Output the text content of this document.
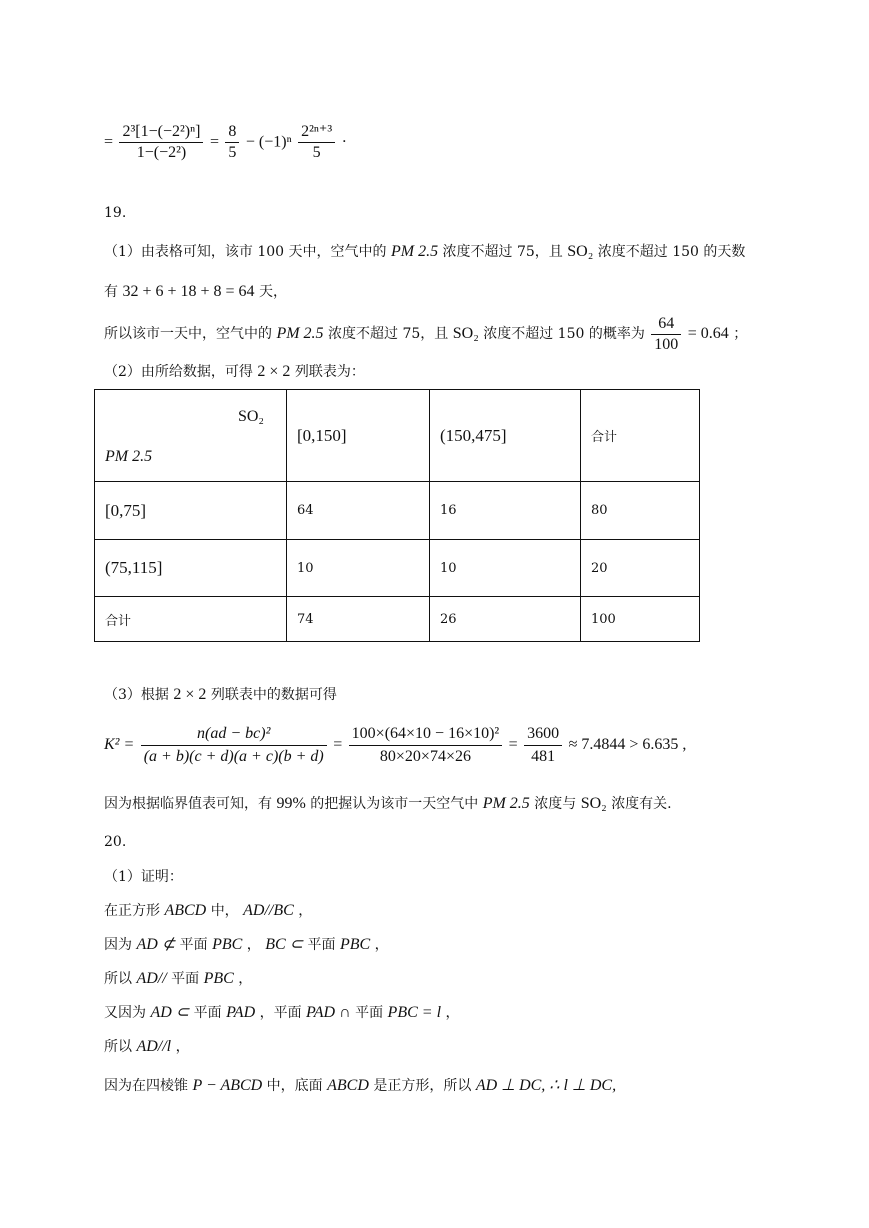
= $\frac{\text{2³[1−(−2²)ⁿ]}}{\text{1−(−2²)}} = \frac{8}{5} - (-1)^n \frac{\text{2²ⁿ⁺³}}{5}$ ·
19.
（1）由表格可知，该市 100 天中，空气中的 PM 2.5 浓度不超过 75，且 SO₂ 浓度不超过 150 的天数
有 32 + 6 + 18 + 8 = 64 天，
所以该市一天中，空气中的 PM 2.5 浓度不超过 75，且 SO₂ 浓度不超过 150 的概率为 $\frac{64}{100} = 0.64$ ；
（2）由所给数据，可得 2 × 2 列联表为：
SO₂
PM 2.5	[0,150]	(150,475]	合计
[0,75]	64	16	80
(75,115]	10	10	20
合计	74	26	100
（3）根据 2 × 2 列联表中的数据可得
$K^2 = \frac{\text{n(ad − bc)²}}{(a + b)(c + d)(a + c)(b + d)} = \frac{\text{100×(64×10 − 16×10)²}}{80\times 20\times 74\times 26} = \frac{3600}{481} \approx 7.4844 > 6.635$ ,
因为根据临界值表可知，有 99% 的把握认为该市一天空气中 PM 2.5 浓度与 SO₂ 浓度有关.
20.
（1）证明：
在正方形 ABCD 中， AD//BC ，
因为 AD ⊄ 平面 PBC ， BC ⊂ 平面 PBC ，
所以 AD// 平面 PBC ，
又因为 AD ⊂ 平面 PAD ，平面 PAD ∩ 平面 PBC = l ，
所以 AD//l ，
因为在四棱锥 P − ABCD 中，底面 ABCD 是正方形，所以 AD ⊥ DC, ∴ l ⊥ DC,
